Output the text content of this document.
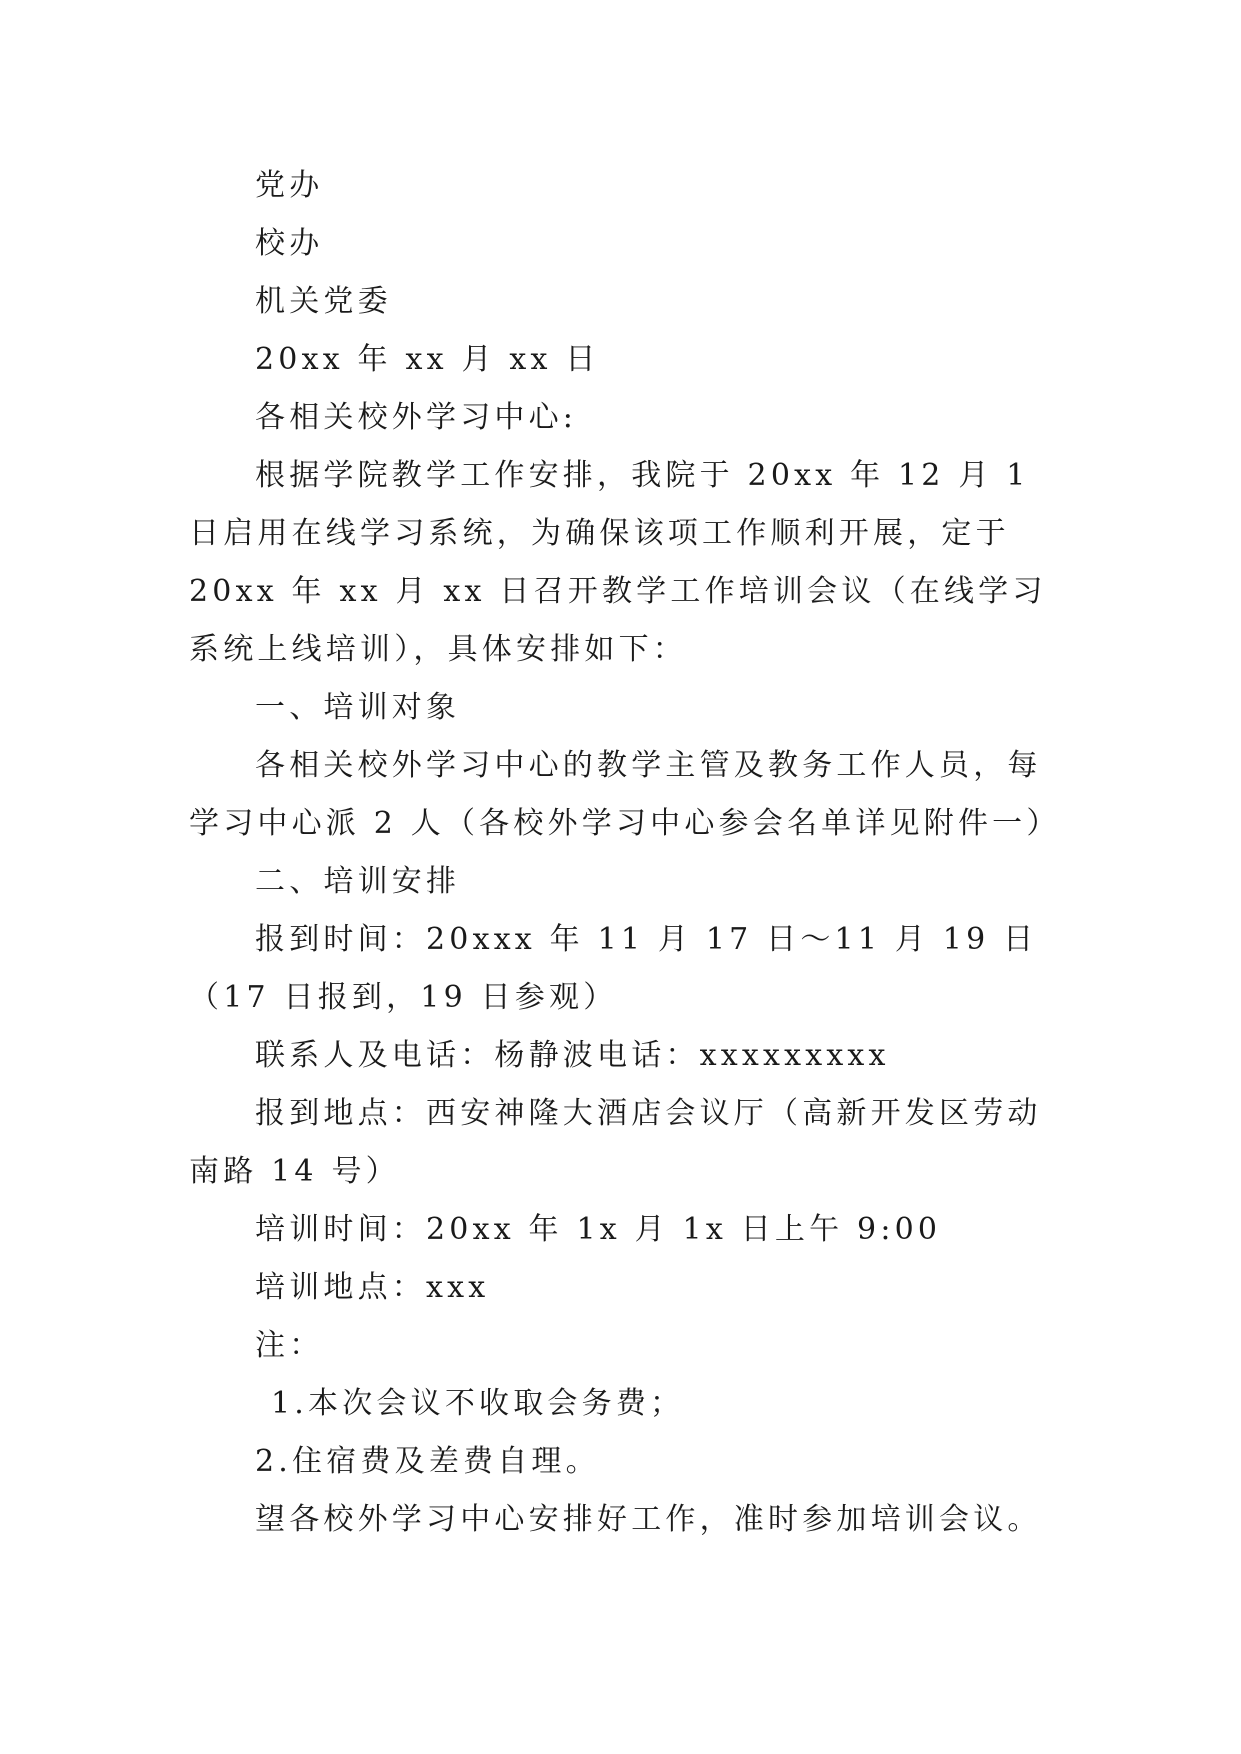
党办

校办

机关党委

20xx 年 xx 月 xx 日

各相关校外学习中心:

根据学院教学工作安排，我院于 20xx 年 12 月 1 日启用在线学习系统，为确保该项工作顺利开展，定于 20xx 年 xx 月 xx 日召开教学工作培训会议（在线学习系统上线培训），具体安排如下：

一、培训对象

各相关校外学习中心的教学主管及教务工作人员，每学习中心派 2 人（各校外学习中心参会名单详见附件一）

二、培训安排

报到时间：20xxx 年 11 月 17 日～11 月 19 日（17 日报到，19 日参观）

联系人及电话：杨静波电话：xxxxxxxxx

报到地点：西安神隆大酒店会议厅（高新开发区劳动南路 14 号）

培训时间：20xx 年 1x 月 1x 日上午 9:00

培训地点：xxx

注：

1.本次会议不收取会务费；

2.住宿费及差费自理。

望各校外学习中心安排好工作，准时参加培训会议。
